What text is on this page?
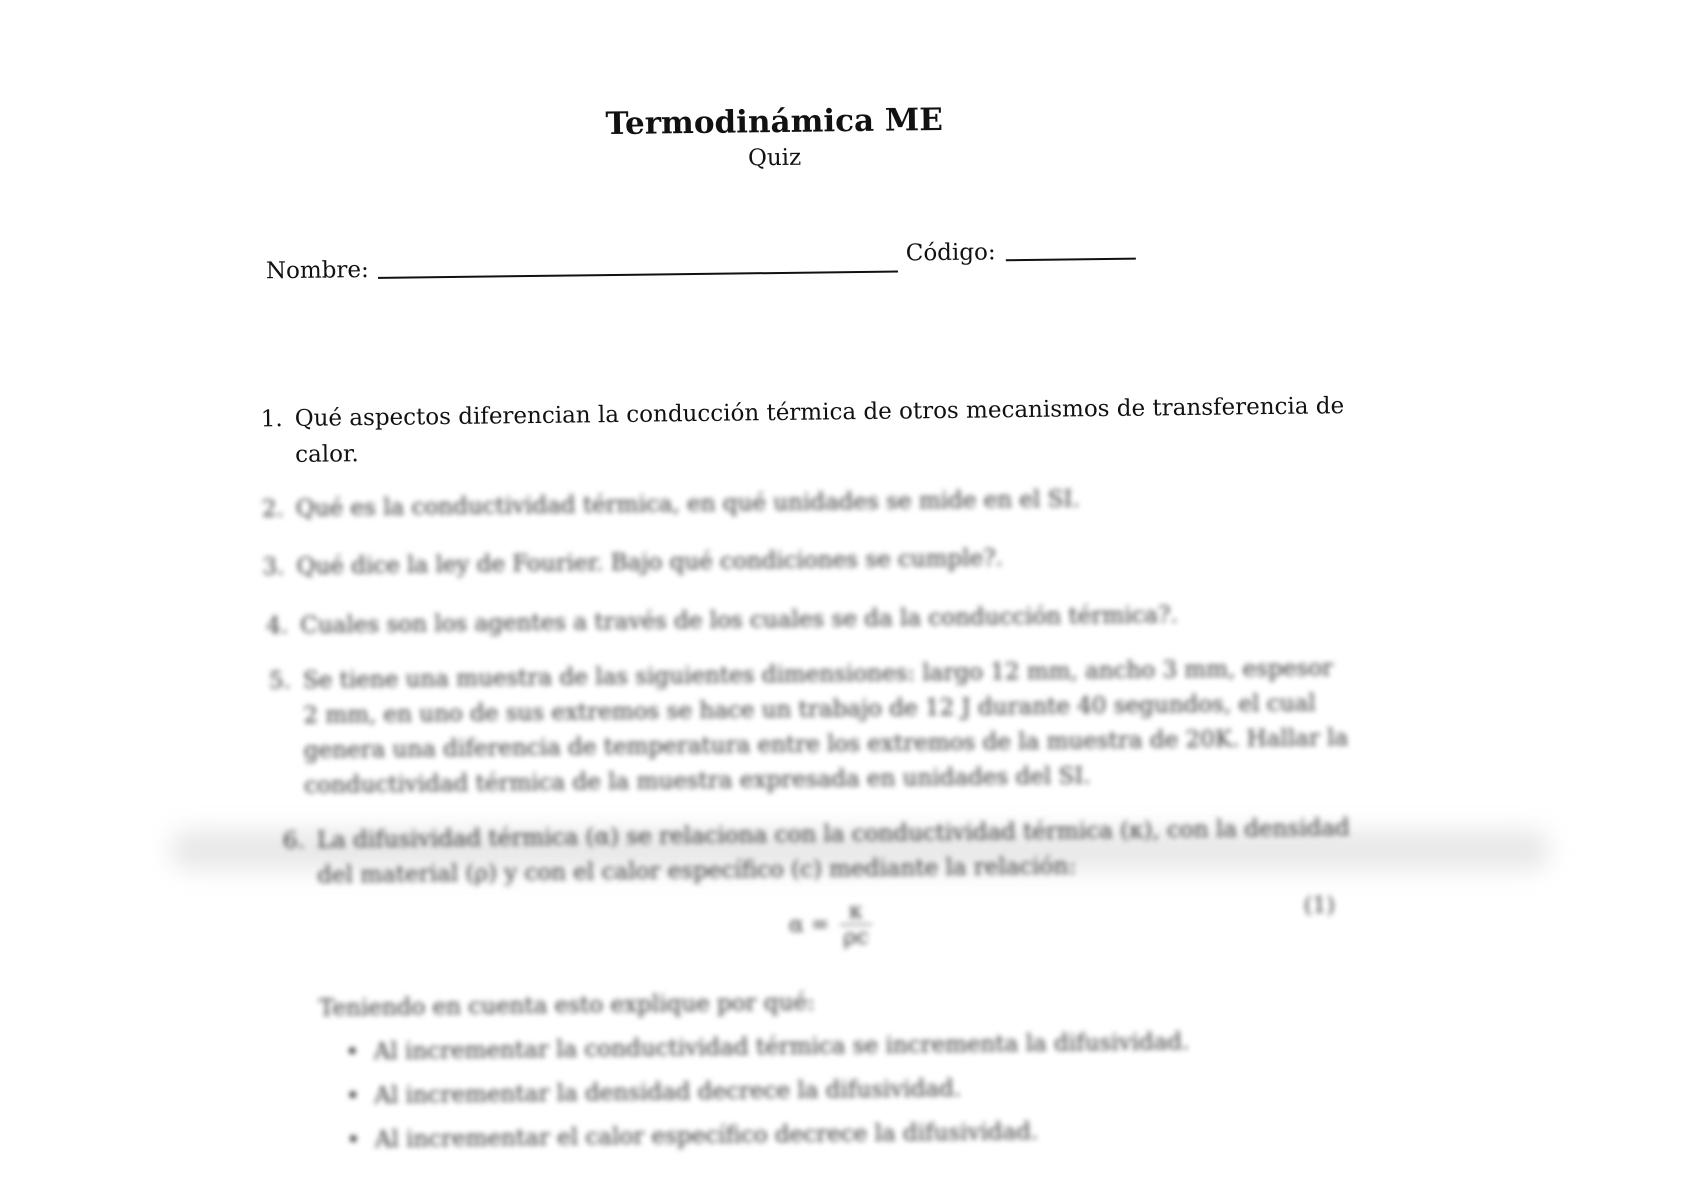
Termodinámica ME
Quiz
Nombre:
Código:
1. Qué aspectos diferencian la conducción térmica de otros mecanismos de transferencia de
calor.
2. Qué es la conductividad térmica, en qué unidades se mide en el SI.
3. Qué dice la ley de Fourier. Bajo qué condiciones se cumple?.
4. Cuales son los agentes a través de los cuales se da la conducción térmica?.
5. Se tiene una muestra de las siguientes dimensiones: largo 12 mm, ancho 3 mm, espesor
2 mm, en uno de sus extremos se hace un trabajo de 12 J durante 40 segundos, el cual
genera una diferencia de temperatura entre los extremos de la muestra de 20K. Hallar la
conductividad térmica de la muestra expresada en unidades del SI.
6. La difusividad térmica (α) se relaciona con la conductividad térmica (κ), con la densidad
del material (ρ) y con el calor específico (c) mediante la relación:
$\alpha = \frac{\kappa}{\rho c}$	(1)
Teniendo en cuenta esto explique por qué:
•  Al incrementar la conductividad térmica se incrementa la difusividad.
•  Al incrementar la densidad decrece la difusividad.
•  Al incrementar el calor específico decrece la difusividad.
